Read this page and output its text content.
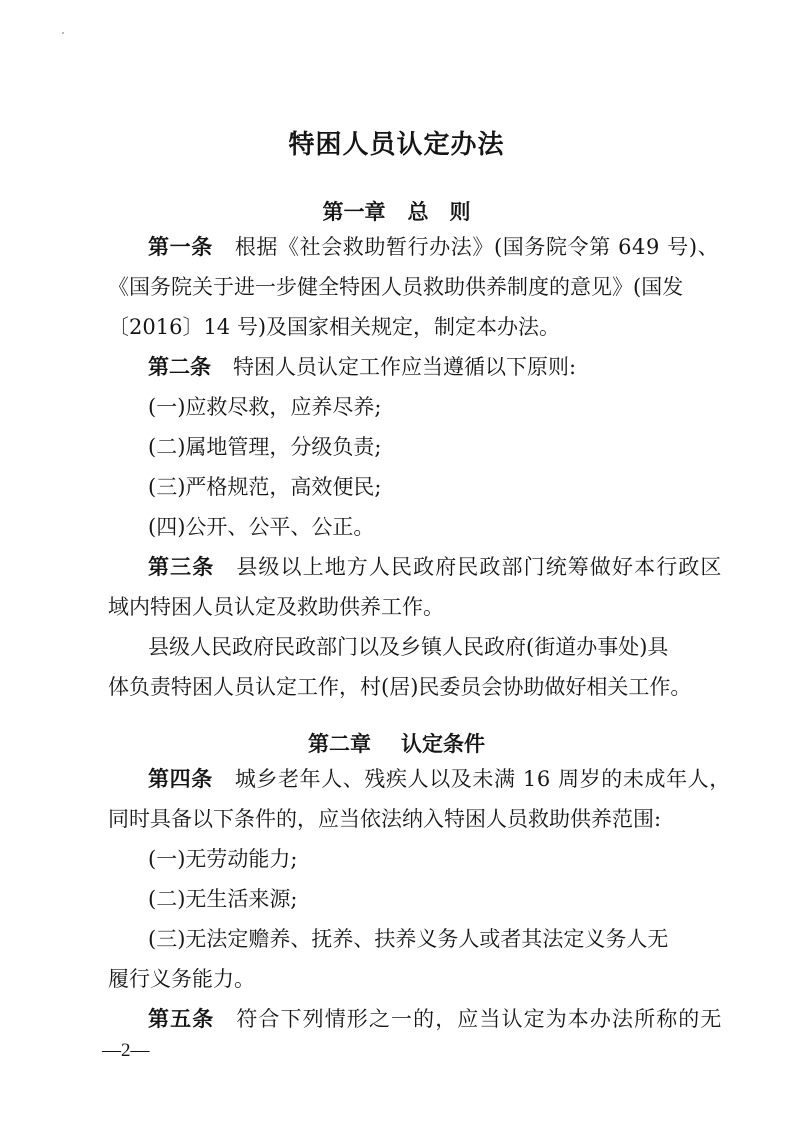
特困人员认定办法
第一章 总　则
第一条 根据《社会救助暂行办法》(国务院令第 649 号)、
《国务院关于进一步健全特困人员救助供养制度的意见》(国发
〔2016〕14 号)及国家相关规定，制定本办法。
第二条 特困人员认定工作应当遵循以下原则:
(一)应救尽救，应养尽养;
(二)属地管理，分级负责;
(三)严格规范，高效便民;
(四)公开、公平、公正。
第三条 县级以上地方人民政府民政部门统筹做好本行政区
域内特困人员认定及救助供养工作。
县级人民政府民政部门以及乡镇人民政府(街道办事处)具
体负责特困人员认定工作，村(居)民委员会协助做好相关工作。
第二章 认定条件
第四条 城乡老年人、残疾人以及未满 16 周岁的未成年人，
同时具备以下条件的，应当依法纳入特困人员救助供养范围:
(一)无劳动能力;
(二)无生活来源;
(三)无法定赡养、抚养、扶养义务人或者其法定义务人无
履行义务能力。
第五条 符合下列情形之一的，应当认定为本办法所称的无
—2—
